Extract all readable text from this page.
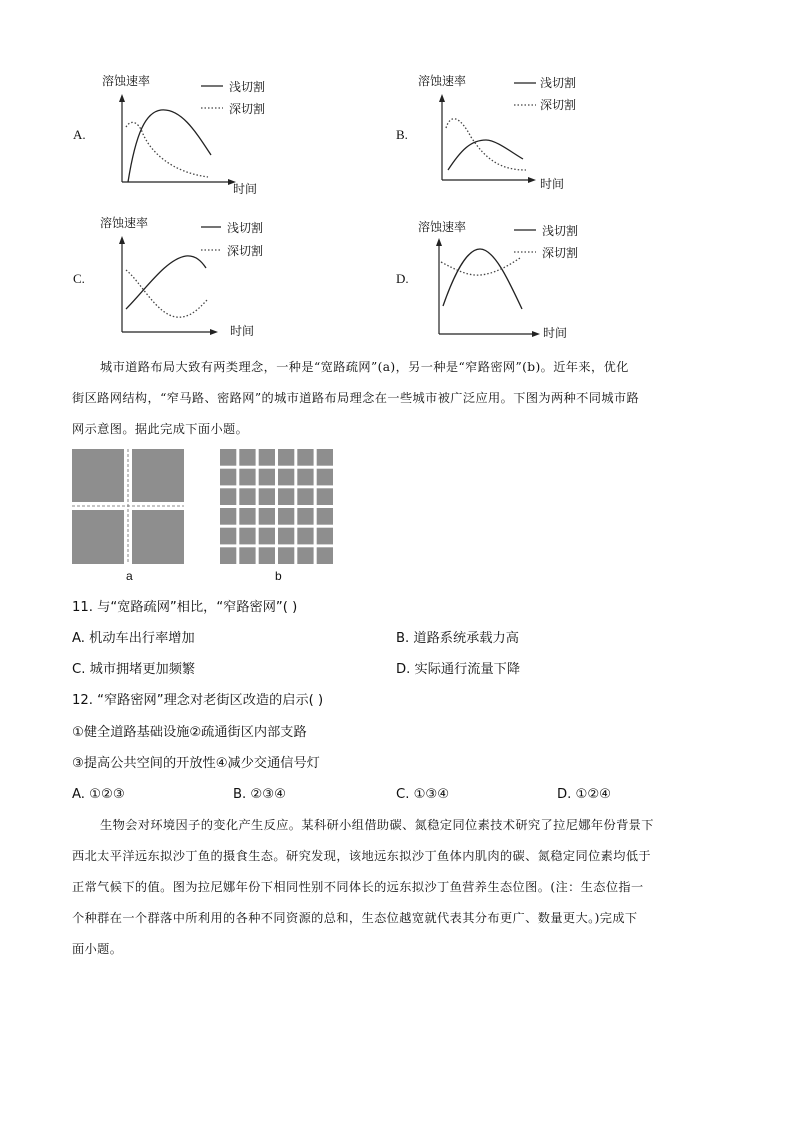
溶蚀速率	浅切割
深切割
时间
A.
溶蚀速率	浅切割
深切割
时间
B.
溶蚀速率	浅切割
深切割
时间
C.
溶蚀速率	浅切割
深切割
时间
D.
城市道路布局大致有两类理念，一种是“宽路疏网”(a)，另一种是“窄路密网”(b)。近年来，优化
街区路网结构，“窄马路、密路网”的城市道路布局理念在一些城市被广泛应用。下图为两种不同城市路
网示意图。据此完成下面小题。
a	b
11. 与“宽路疏网”相比，“窄路密网”( )
A. 机动车出行率增加	B. 道路系统承载力高
C. 城市拥堵更加频繁	D. 实际通行流量下降
12. “窄路密网”理念对老街区改造的启示( )
①健全道路基础设施②疏通街区内部支路
③提高公共空间的开放性④减少交通信号灯
A. ①②③	B. ②③④	C. ①③④	D. ①②④
生物会对环境因子的变化产生反应。某科研小组借助碳、氮稳定同位素技术研究了拉尼娜年份背景下
西北太平洋远东拟沙丁鱼的摄食生态。研究发现，该地远东拟沙丁鱼体内肌肉的碳、氮稳定同位素均低于
正常气候下的值。图为拉尼娜年份下相同性别不同体长的远东拟沙丁鱼营养生态位图。(注：生态位指一
个种群在一个群落中所利用的各种不同资源的总和，生态位越宽就代表其分布更广、数量更大。)完成下
面小题。
